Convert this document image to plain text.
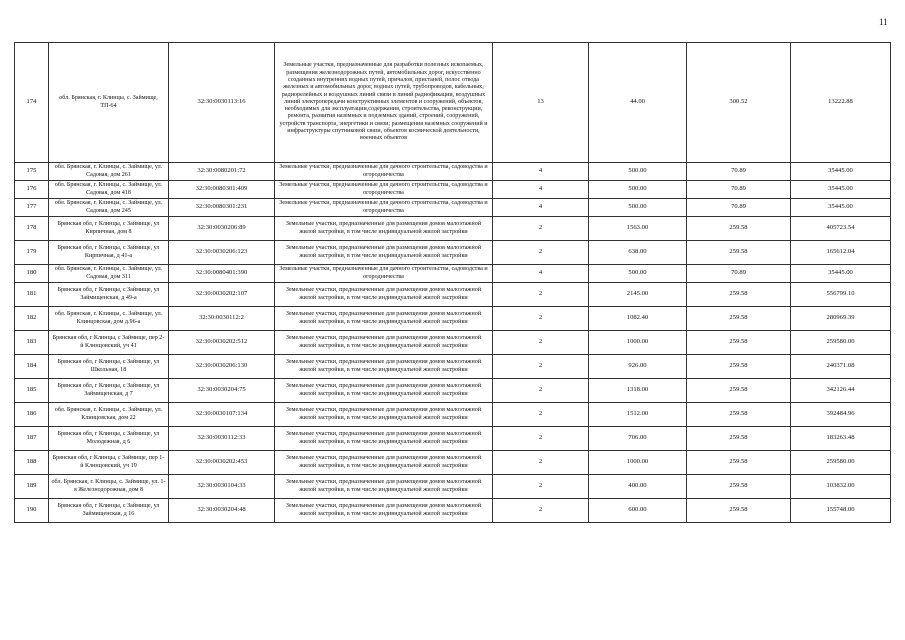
11
174	обл. Брянская, г. Клинцы, с. Займище, ТП-64	32:30:0030113:16	Земельные участки, предназначенные для разработки полезных ископаемых, размещения железнодорожных путей, автомобильных дорог, искусственно созданных внутренних водных путей, причалов, пристаней, полос отвода железных и автомобильных дорог, водных путей, трубопроводов, кабельных, радиорелейных и воздушных линий связи и линий радиофикации, воздушных линий электропередачи конструктивных элементов и сооружений, объектов, необходимых для эксплуатации,содержания, строительства, реконструкции, ремонта, развития наземных и подземных зданий, строений, сооружений, устройств транспорта, энергетики и связи; размещения наземных сооружений и инфраструктуры спутниковой связи, объектов космической деятельности, военных объектов	13	44.00	300.52	13222.88
175	обл. Брянская, г. Клинцы, с. Займище, ул. Садовая, дом 261	32:30:0080201:72	Земельные участки, предназначенные для дачного строительства, садоводства и огородничества	4	500.00	70.89	35445.00
176	обл. Брянская, г. Клинцы, с. Займище, ул. Садовая, дом 418	32:30:0080301:409	Земельные участки, предназначенные для дачного строительства, садоводства и огородничества	4	500.00	70.89	35445.00
177	обл. Брянская, г. Клинцы, с. Займище, ул. Садовая, дом 245	32:30:0080301:231	Земельные участки, предназначенные для дачного строительства, садоводства и огородничества	4	500.00	70.89	35445.00
178	Брянская обл, г Клинцы, с Займище, ул Кирпичная, дом 8	32:30:0030206:89	Земельные участки, предназначенные для размещения домов малоэтажной жилой застройки, в том числе индивидуальной жилой застройки	2	1563.00	259.58	405723.54
179	Брянская обл, г Клинцы, с Займище, ул Кирпичная, д 41-а	32:30:0030206:123	Земельные участки, предназначенные для размещения домов малоэтажной жилой застройки, в том числе индивидуальной жилой застройки	2	638.00	259.58	165612.04
180	обл. Брянская, г. Клинцы, с. Займище, ул. Садовая, дом 311	32:30:0080401:390	Земельные участки, предназначенные для дачного строительства, садоводства и огородничества	4	500.00	70.89	35445.00
181	Брянская обл, г Клинцы, с Займище, ул Займищенская, д 49-а	32:30:0030202:107	Земельные участки, предназначенные для размещения домов малоэтажной жилой застройки, в том числе индивидуальной жилой застройки	2	2145.00	259.58	556799.10
182	обл. Брянская, г. Клинцы, с. Займище, ул. Клинцовская, дом д.96-а	32:30:0030112:2	Земельные участки, предназначенные для размещения домов малоэтажной жилой застройки, в том числе индивидуальной жилой застройки	2	1082.40	259.58	280969.39
183	Брянская обл, г Клинцы, с Займище, пер 2-й Клинцовский, уч 41	32:30:0030202:512	Земельные участки, предназначенные для размещения домов малоэтажной жилой застройки, в том числе индивидуальной жилой застройки	2	1000.00	259.58	259580.00
184	Брянская обл, г Клинцы, с Займище, ул Школьная, 18	32:30:0030206:130	Земельные участки, предназначенные для размещения домов малоэтажной жилой застройки, в том числе индивидуальной жилой застройки	2	926.00	259.58	240371.08
185	Брянская обл, г Клинцы, с Займище, ул Займищенская, д 7	32:30:0030204:75	Земельные участки, предназначенные для размещения домов малоэтажной жилой застройки, в том числе индивидуальной жилой застройки	2	1318.00	259.58	342126.44
186	обл. Брянская, г. Клинцы, с. Займище, ул. Клинцовская, дом 22	32:30:0030107:134	Земельные участки, предназначенные для размещения домов малоэтажной жилой застройки, в том числе индивидуальной жилой застройки	2	1512.00	259.58	392484.96
187	Брянская обл, г Клинцы, с Займище, ул Молодежная, д 6	32:30:0030112:33	Земельные участки, предназначенные для размещения домов малоэтажной жилой застройки, в том числе индивидуальной жилой застройки	2	706.00	259.58	183263.48
188	Брянская обл, г Клинцы, с Займище, пер 1-й Клинцовский, уч 19	32:30:0030202:453	Земельные участки, предназначенные для размещения домов малоэтажной жилой застройки, в том числе индивидуальной жилой застройки	2	1000.00	259.58	259580.00
189	обл. Брянская, г. Клинцы, с. Займище, ул. 1-я Железнодорожная, дом 8	32:30:0030104:33	Земельные участки, предназначенные для размещения домов малоэтажной жилой застройки, в том числе индивидуальной жилой застройки	2	400.00	259.58	103832.00
190	Брянская обл, г Клинцы, с Займище, ул Займищенская, д 16	32:30:0030204:48	Земельные участки, предназначенные для размещения домов малоэтажной жилой застройки, в том числе индивидуальной жилой застройки	2	600.00	259.58	155748.00
